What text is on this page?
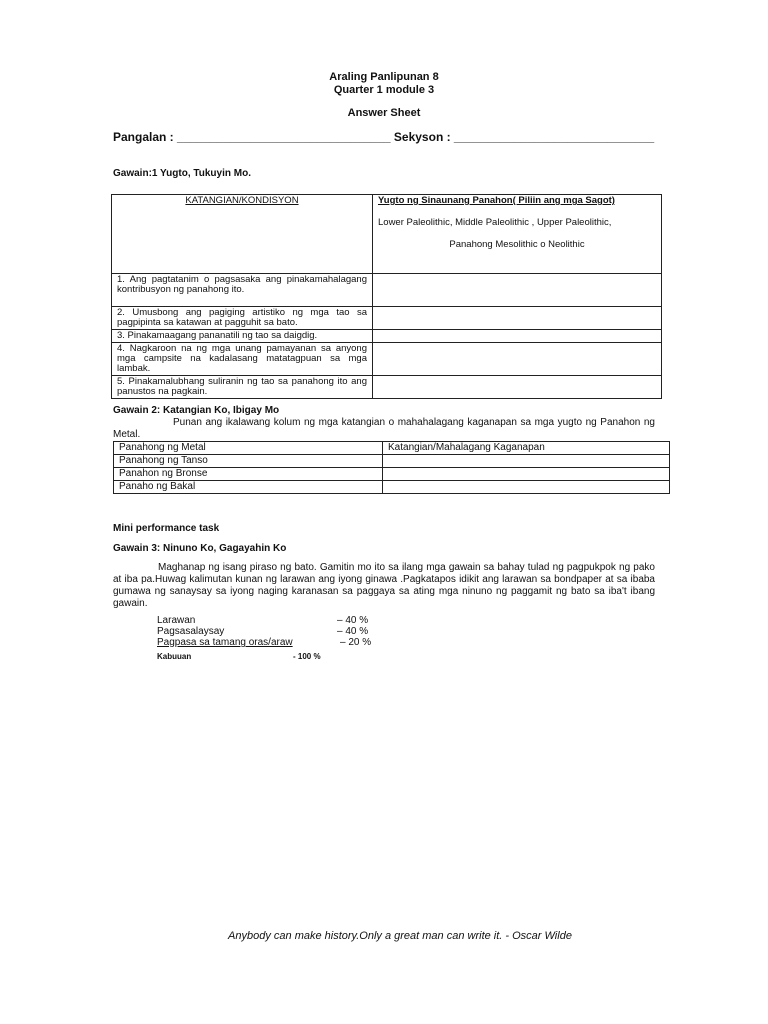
Araling Panlipunan 8
Quarter 1 module 3
Answer Sheet
Pangalan : ________________________________ Sekyson : ______________________________
Gawain:1 Yugto, Tukuyin Mo.
KATANGIAN/KONDISYON	Yugto ng Sinaunang Panahon( Piliin ang mga Sagot)
Lower Paleolithic, Middle Paleolithic , Upper Paleolithic,
Panahong Mesolithic o Neolithic

1. Ang pagtatanim o pagsasaka ang pinakamahalagang kontribusyon ng panahong ito.	
2. Umusbong ang pagiging artistiko ng mga tao sa pagpipinta sa katawan at pagguhit sa bato.	
3. Pinakamaagang pananatili ng tao sa daigdig.	
4. Nagkaroon na ng mga unang pamayanan sa anyong mga campsite na kadalasang matatagpuan sa mga lambak.	
5. Pinakamalubhang suliranin ng tao sa panahong ito ang panustos na pagkain.	
Gawain 2: Katangian Ko, Ibigay Mo
Punan ang ikalawang kolum ng mga katangian o mahahalagang kaganapan sa mga yugto ng Panahon ng Metal.
Panahong ng Metal	Katangian/Mahalagang Kaganapan
Panahong ng Tanso	
Panahon ng Bronse	
Panaho ng Bakal	
Mini performance task
Gawain 3: Ninuno Ko, Gagayahin Ko
Maghanap ng isang piraso ng bato. Gamitin mo ito sa ilang mga gawain sa bahay tulad ng pagpukpok ng pako at iba pa.Huwag kalimutan kunan ng larawan ang iyong ginawa .Pagkatapos idikit ang larawan sa bondpaper at sa ibaba gumawa ng sanaysay sa iyong naging karanasan sa paggaya sa ating mga ninuno ng paggamit ng bato sa iba't ibang gawain.
Larawan	– 40 %
Pagsasalaysay	– 40 %
Pagpasa sa tamang oras/araw	– 20 %
Kabuuan	- 100 %
Anybody can make history.Only a great man can write it. - Oscar Wilde
